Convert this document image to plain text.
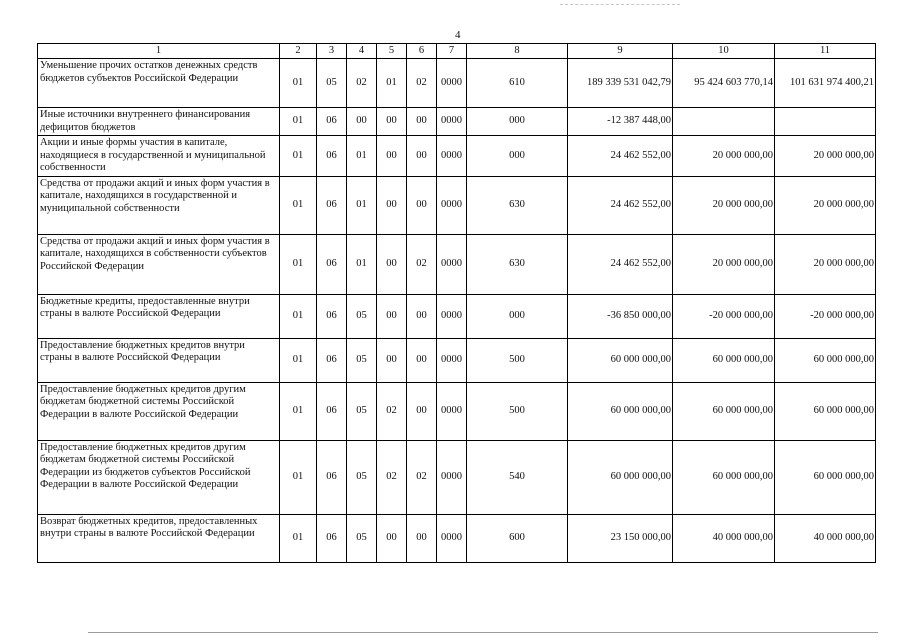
4
1	2	3	4	5	6	7	8	9	10	11
Уменьшение прочих остатков денежных средств бюджетов субъектов Российской Федерации	01	05	02	01	02	0000	610	189 339 531 042,79	95 424 603 770,14	101 631 974 400,21
Иные источники внутреннего финансирования дефицитов бюджетов	01	06	00	00	00	0000	000	-12 387 448,00		
Акции и иные формы участия в капитале, находящиеся в государственной и муниципальной собственности	01	06	01	00	00	0000	000	24 462 552,00	20 000 000,00	20 000 000,00
Средства от продажи акций и иных форм участия в капитале, находящихся в государственной и муниципальной собственности	01	06	01	00	00	0000	630	24 462 552,00	20 000 000,00	20 000 000,00
Средства от продажи акций и иных форм участия в капитале, находящихся в собственности субъектов Российской Федерации	01	06	01	00	02	0000	630	24 462 552,00	20 000 000,00	20 000 000,00
Бюджетные кредиты, предоставленные внутри страны в валюте Российской Федерации	01	06	05	00	00	0000	000	-36 850 000,00	-20 000 000,00	-20 000 000,00
Предоставление бюджетных кредитов внутри страны в валюте Российской Федерации	01	06	05	00	00	0000	500	60 000 000,00	60 000 000,00	60 000 000,00
Предоставление бюджетных кредитов другим бюджетам бюджетной системы Российской Федерации в валюте Российской Федерации	01	06	05	02	00	0000	500	60 000 000,00	60 000 000,00	60 000 000,00
Предоставление бюджетных кредитов другим бюджетам бюджетной системы Российской Федерации из бюджетов субъектов Российской Федерации в валюте Российской Федерации	01	06	05	02	02	0000	540	60 000 000,00	60 000 000,00	60 000 000,00
Возврат бюджетных кредитов, предоставленных внутри страны в валюте Российской Федерации	01	06	05	00	00	0000	600	23 150 000,00	40 000 000,00	40 000 000,00
